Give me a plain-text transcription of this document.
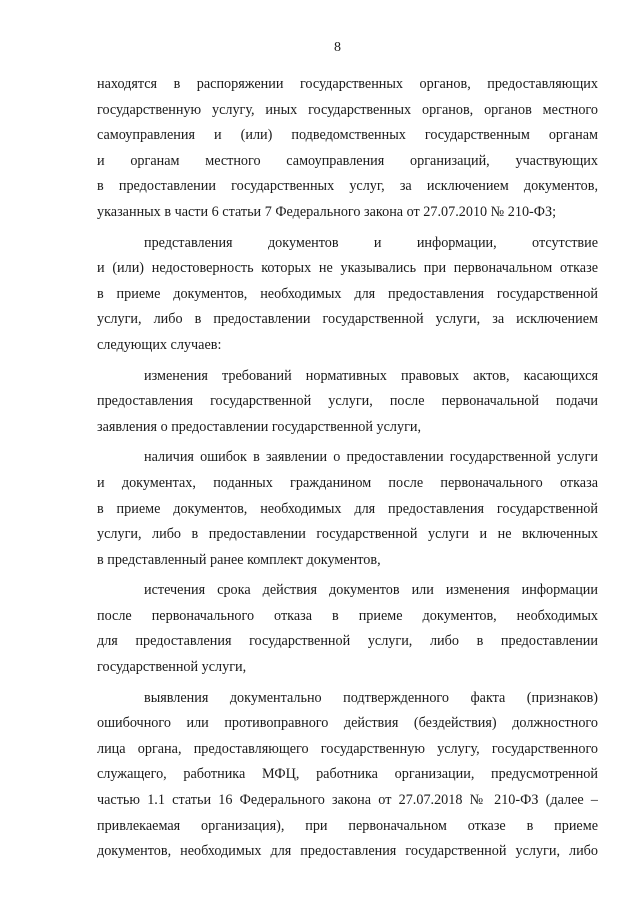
8

находятся в распоряжении государственных органов, предоставляющих
государственную услугу, иных государственных органов, органов местного
самоуправления и (или) подведомственных государственным органам
и органам местного самоуправления организаций, участвующих
в предоставлении государственных услуг, за исключением документов,
указанных в части 6 статьи 7 Федерального закона от 27.07.2010 № 210-ФЗ;

представления документов и информации, отсутствие
и (или) недостоверность которых не указывались при первоначальном отказе
в приеме документов, необходимых для предоставления государственной
услуги, либо в предоставлении государственной услуги, за исключением
следующих случаев:

изменения требований нормативных правовых актов, касающихся
предоставления государственной услуги, после первоначальной подачи
заявления о предоставлении государственной услуги,

наличия ошибок в заявлении о предоставлении государственной услуги
и документах, поданных гражданином после первоначального отказа
в приеме документов, необходимых для предоставления государственной
услуги, либо в предоставлении государственной услуги и не включенных
в представленный ранее комплект документов,

истечения срока действия документов или изменения информации
после первоначального отказа в приеме документов, необходимых
для предоставления государственной услуги, либо в предоставлении
государственной услуги,

выявления документально подтвержденного факта (признаков)
ошибочного или противоправного действия (бездействия) должностного
лица органа, предоставляющего государственную услугу, государственного
служащего, работника МФЦ, работника организации, предусмотренной
частью 1.1 статьи 16 Федерального закона от 27.07.2018 № 210-ФЗ (далее –
привлекаемая организация), при первоначальном отказе в приеме
документов, необходимых для предоставления государственной услуги, либо
